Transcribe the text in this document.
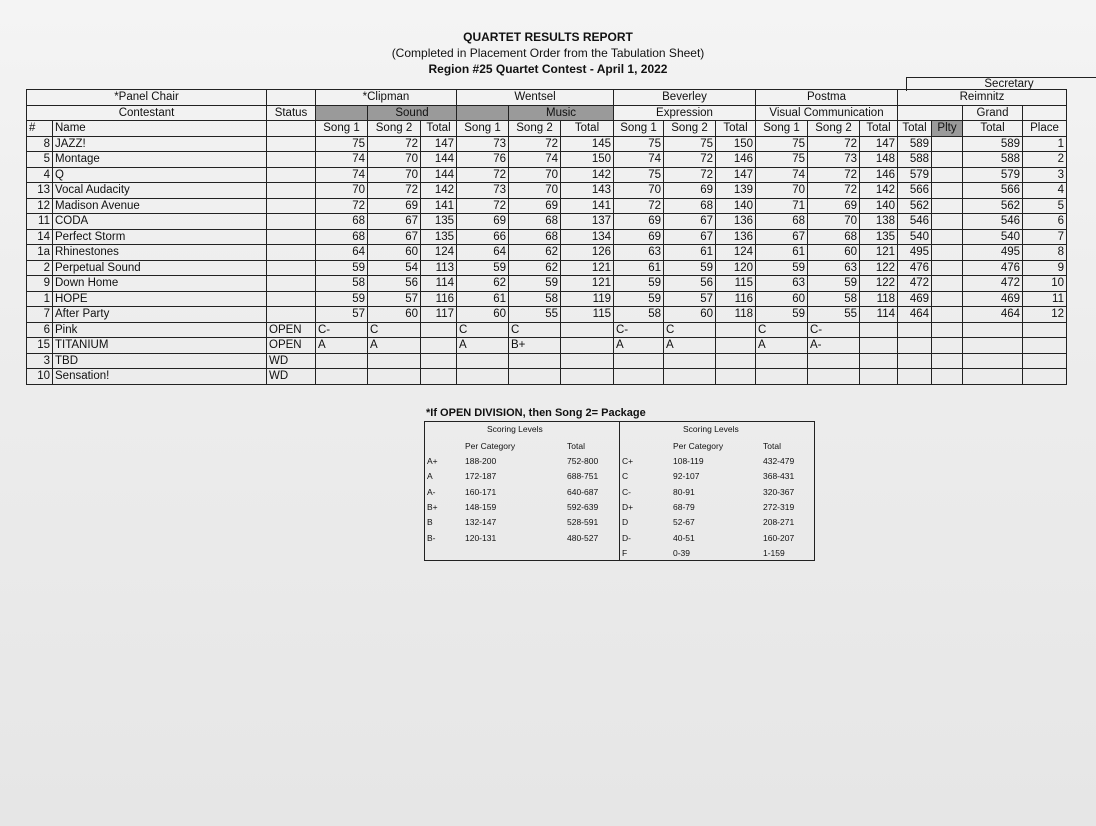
QUARTET RESULTS REPORT
(Completed in Placement Order from the Tabulation Sheet)
Region #25 Quartet Contest - April 1, 2022
Secretary
*Panel Chair			*Clipman			Wentsel			Beverley			Postma			Reimnitz			
Contestant		Status		Sound			Music		Expression			Visual Communication					Grand	
#	Name		Song 1	Song 2	Total	Song 1	Song 2	Total	Song 1	Song 2	Total	Song 1	Song 2	Total	Total	Plty	Total	Place
8	JAZZ!		75	72	147	73	72	145	75	75	150	75	72	147	589		589	1
5	Montage		74	70	144	76	74	150	74	72	146	75	73	148	588		588	2
4	Q		74	70	144	72	70	142	75	72	147	74	72	146	579		579	3
13	Vocal Audacity		70	72	142	73	70	143	70	69	139	70	72	142	566		566	4
12	Madison Avenue		72	69	141	72	69	141	72	68	140	71	69	140	562		562	5
11	CODA		68	67	135	69	68	137	69	67	136	68	70	138	546		546	6
14	Perfect Storm		68	67	135	66	68	134	69	67	136	67	68	135	540		540	7
1a	Rhinestones		64	60	124	64	62	126	63	61	124	61	60	121	495		495	8
2	Perpetual Sound		59	54	113	59	62	121	61	59	120	59	63	122	476		476	9
9	Down Home		58	56	114	62	59	121	59	56	115	63	59	122	472		472	10
1	HOPE		59	57	116	61	58	119	59	57	116	60	58	118	469		469	11
7	After Party		57	60	117	60	55	115	58	60	118	59	55	114	464		464	12
6	Pink	OPEN	C-	C		C	C		C-	C		C	C-					
15	TITANIUM	OPEN	A	A		A	B+		A	A		A	A-					
3	TBD	WD																
10	Sensation!	WD																
*If OPEN DIVISION, then Song 2= Package
Scoring Levels
Per Category	Total
Scoring Levels
Per Category	Total
A+	188-200	752-800
A	172-187	688-751
A-	160-171	640-687
B+	148-159	592-639
B	132-147	528-591
B-	120-131	480-527
C+	108-119	432-479
C	92-107	368-431
C-	80-91	320-367
D+	68-79	272-319
D	52-67	208-271
D-	40-51	160-207
F	0-39	1-159
